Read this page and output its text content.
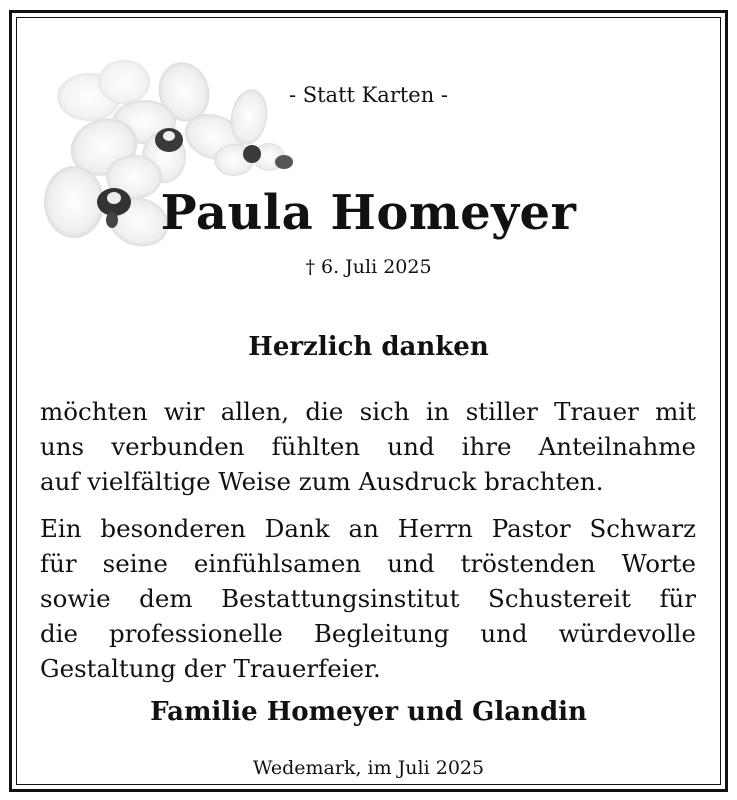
- Statt Karten -
Paula Homeyer
† 6. Juli 2025
Herzlich danken
möchten wir allen, die sich in stiller Trauer mit
uns verbunden fühlten und ihre Anteilnahme
auf vielfältige Weise zum Ausdruck brachten.
Ein besonderen Dank an Herrn Pastor Schwarz
für seine einfühlsamen und tröstenden Worte
sowie dem Bestattungsinstitut Schustereit für
die professionelle Begleitung und würdevolle
Gestaltung der Trauerfeier.
Familie Homeyer und Glandin
Wedemark, im Juli 2025
